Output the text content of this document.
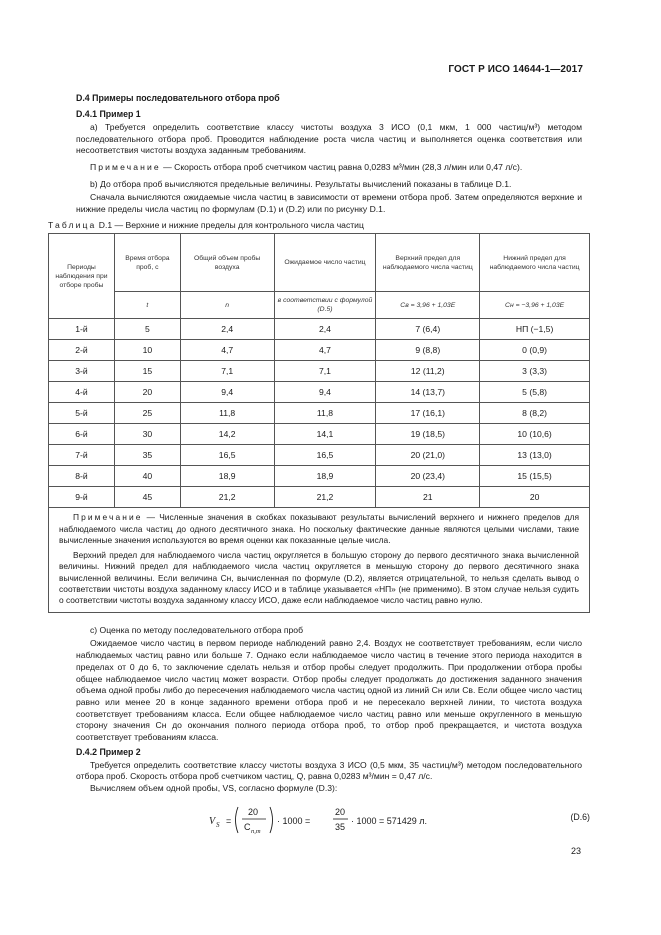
ГОСТ Р ИСО 14644-1—2017

D.4 Примеры последовательного отбора проб

D.4.1 Пример 1

а) Требуется определить соответствие классу чистоты воздуха 3 ИСО (0,1 мкм, 1 000 частиц/м³) методом последовательного отбора проб. Проводится наблюдение роста числа частиц и выполняется оценка соответствия или несоответствия чистоты воздуха заданным требованиям.

Примечание — Скорость отбора проб счетчиком частиц равна 0,0283 м³/мин (28,3 л/мин или 0,47 л/с).

b) До отбора проб вычисляются предельные величины. Результаты вычислений показаны в таблице D.1.

Сначала вычисляются ожидаемые числа частиц в зависимости от времени отбора проб. Затем определяются верхние и нижние пределы числа частиц по формулам (D.1) и (D.2) или по рисунку D.1.

Таблица D.1 — Верхние и нижние пределы для контрольного числа частиц

Периоды наблюдения при отборе пробы	Время отбора проб, с	Общий объем пробы воздуха	Ожидаемое число частиц	Верхний предел для наблюдаемого числа частиц	Нижний предел для наблюдаемого числа частиц
	t	n	в соответствии с формулой (D.5)	Cв = 3,96 + 1,03E	Cн = −3,96 + 1,03E
1-й	5	2,4	2,4	7 (6,4)	НП (−1,5)
2-й	10	4,7	4,7	9 (8,8)	0 (0,9)
3-й	15	7,1	7,1	12 (11,2)	3 (3,3)
4-й	20	9,4	9,4	14 (13,7)	5 (5,8)
5-й	25	11,8	11,8	17 (16,1)	8 (8,2)
6-й	30	14,2	14,1	19 (18,5)	10 (10,6)
7-й	35	16,5	16,5	20 (21,0)	13 (13,0)
8-й	40	18,9	18,9	20 (23,4)	15 (15,5)
9-й	45	21,2	21,2	21	20

Примечание — Численные значения в скобках показывают результаты вычислений верхнего и нижнего пределов для наблюдаемого числа частиц до одного десятичного знака. Но поскольку фактические данные являются целыми числами, такие вычисленные значения используются во время оценки как показанные целые числа.

Верхний предел для наблюдаемого числа частиц округляется в большую сторону до первого десятичного знака вычисленной величины. Нижний предел для наблюдаемого числа частиц округляется в меньшую сторону до первого десятичного знака вычисленной величины. Если величина Cн, вычисленная по формуле (D.2), является отрицательной, то нельзя сделать вывод о соответствии чистоты воздуха заданному классу ИСО и в таблице указывается «НП» (не применимо). В этом случае нельзя судить о соответствии чистоты воздуха заданному классу ИСО, даже если наблюдаемое число частиц равно нулю.					

с) Оценка по методу последовательного отбора проб

Ожидаемое число частиц в первом периоде наблюдений равно 2,4. Воздух не соответствует требованиям, если число наблюдаемых частиц равно или больше 7. Однако если наблюдаемое число частиц в течение этого периода находится в пределах от 0 до 6, то заключение сделать нельзя и отбор пробы следует продолжить. При продолжении отбора пробы общее наблюдаемое число частиц может возрасти. Отбор пробы следует продолжать до достижения заданного значения объема одной пробы либо до пересечения наблюдаемого числа частиц одной из линий Cн или Cв. Если общее число частиц равно или менее 20 в конце заданного времени отбора проб и не пересекало верхней линии, то чистота воздуха соответствует требованиям класса. Если общее наблюдаемое число частиц равно или меньше округленного в меньшую сторону значения Cн до окончания полного периода отбора проб, то отбор проб прекращается, и чистота воздуха соответствует требованиям класса.

D.4.2 Пример 2

Требуется определить соответствие классу чистоты воздуха 3 ИСО (0,5 мкм, 35 частиц/м³) методом последовательного отбора проб. Скорость отбора проб счетчиком частиц, Q, равна 0,0283 м³/мин = 0,47 л/с.

Вычисляем объем одной пробы, VS, согласно формуле (D.3):

V S =
20
C n,m
· 1000 =
20
35
· 1000 = 571429 л.	(D.6)
23
